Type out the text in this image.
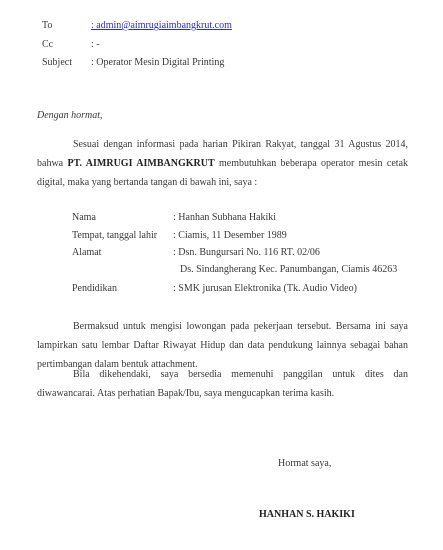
To	: admin@aimrugiaimbangkrut.com
Cc	: -
Subject : Operator Mesin Digital Printing
Dengan hormat,
Sesuai dengan informasi pada harian Pikiran Rakyat, tanggal 31 Agustus 2014, bahwa PT. AIMRUGI AIMBANGKRUT membutuhkan beberapa operator mesin cetak digital, maka yang bertanda tangan di bawah ini, saya :
Nama	: Hanhan Subhana Hakiki
Tempat, tanggal lahir : Ciamis, 11 Desember 1989
Alamat	: Dsn. Bungursari No. 116 RT. 02/06
Ds. Sindangherang Kec. Panumbangan, Ciamis 46263
Pendidikan	: SMK jurusan Elektronika (Tk. Audio Video)
Bermaksud untuk mengisi lowongan pada pekerjaan tersebut. Bersama ini saya lampirkan satu lembar Daftar Riwayat Hidup dan data pendukung lainnya sebagai bahan pertimbangan dalam bentuk attachment.
Bila dikehendaki, saya bersedia memenuhi panggilan untuk dites dan diwawancarai. Atas perhatian Bapak/Ibu, saya mengucapkan terima kasih.
Hormat saya,
HANHAN S. HAKIKI
